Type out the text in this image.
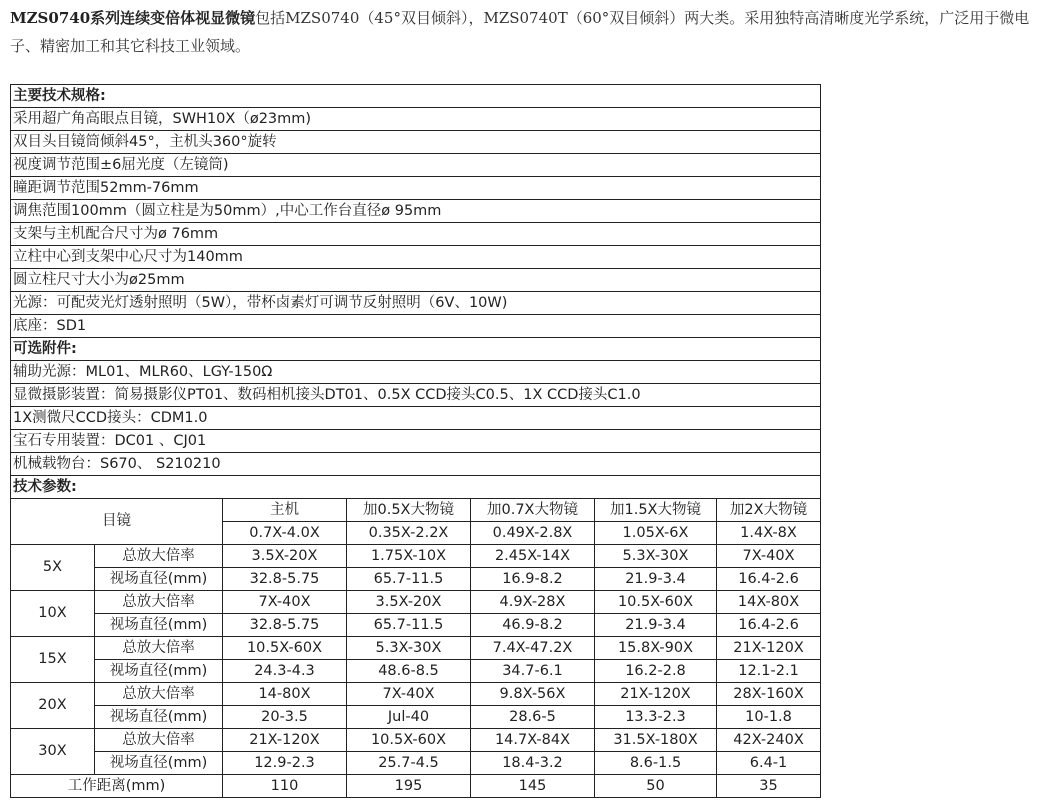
MZS0740系列连续变倍体视显微镜包括MZS0740（45°双目倾斜），MZS0740T（60°双目倾斜）两大类。采用独特高清晰度光学系统，广泛用于微电子、精密加工和其它科技工业领域。
主要技术规格:						
采用超广角高眼点目镜，SWH10X（ø23mm)						
双目头目镜筒倾斜45°，主机头360°旋转						
视度调节范围±6屈光度（左镜筒)						
瞳距调节范围52mm-76mm						
调焦范围100mm（圆立柱是为50mm）,中心工作台直径ø 95mm						
支架与主机配合尺寸为ø 76mm						
立柱中心到支架中心尺寸为140mm						
圆立柱尺寸大小为ø25mm						
光源：可配荧光灯透射照明（5W），带杯卤素灯可调节反射照明（6V、10W)						
底座：SD1						
可选附件:						
辅助光源：ML01、MLR60、LGY-150Ω						
显微摄影装置：简易摄影仪PT01、数码相机接头DT01、0.5X CCD接头C0.5、1X CCD接头C1.0						
1X测微尺CCD接头：CDM1.0						
宝石专用装置：DC01 、CJ01						
机械载物台：S670、 S210210						
技术参数:						
目镜		主机	加0.5X大物镜	加0.7X大物镜	加1.5X大物镜	加2X大物镜
		0.7X-4.0X	0.35X-2.2X	0.49X-2.8X	1.05X-6X	1.4X-8X
5X	总放大倍率	3.5X-20X	1.75X-10X	2.45X-14X	5.3X-30X	7X-40X
	视场直径(mm)	32.8-5.75	65.7-11.5	16.9-8.2	21.9-3.4	16.4-2.6
10X	总放大倍率	7X-40X	3.5X-20X	4.9X-28X	10.5X-60X	14X-80X
	视场直径(mm)	32.8-5.75	65.7-11.5	46.9-8.2	21.9-3.4	16.4-2.6
15X	总放大倍率	10.5X-60X	5.3X-30X	7.4X-47.2X	15.8X-90X	21X-120X
	视场直径(mm)	24.3-4.3	48.6-8.5	34.7-6.1	16.2-2.8	12.1-2.1
20X	总放大倍率	14-80X	7X-40X	9.8X-56X	21X-120X	28X-160X
	视场直径(mm)	20-3.5	Jul-40	28.6-5	13.3-2.3	10-1.8
30X	总放大倍率	21X-120X	10.5X-60X	14.7X-84X	31.5X-180X	42X-240X
	视场直径(mm)	12.9-2.3	25.7-4.5	18.4-3.2	8.6-1.5	6.4-1
工作距离(mm)		110	195	145	50	35
